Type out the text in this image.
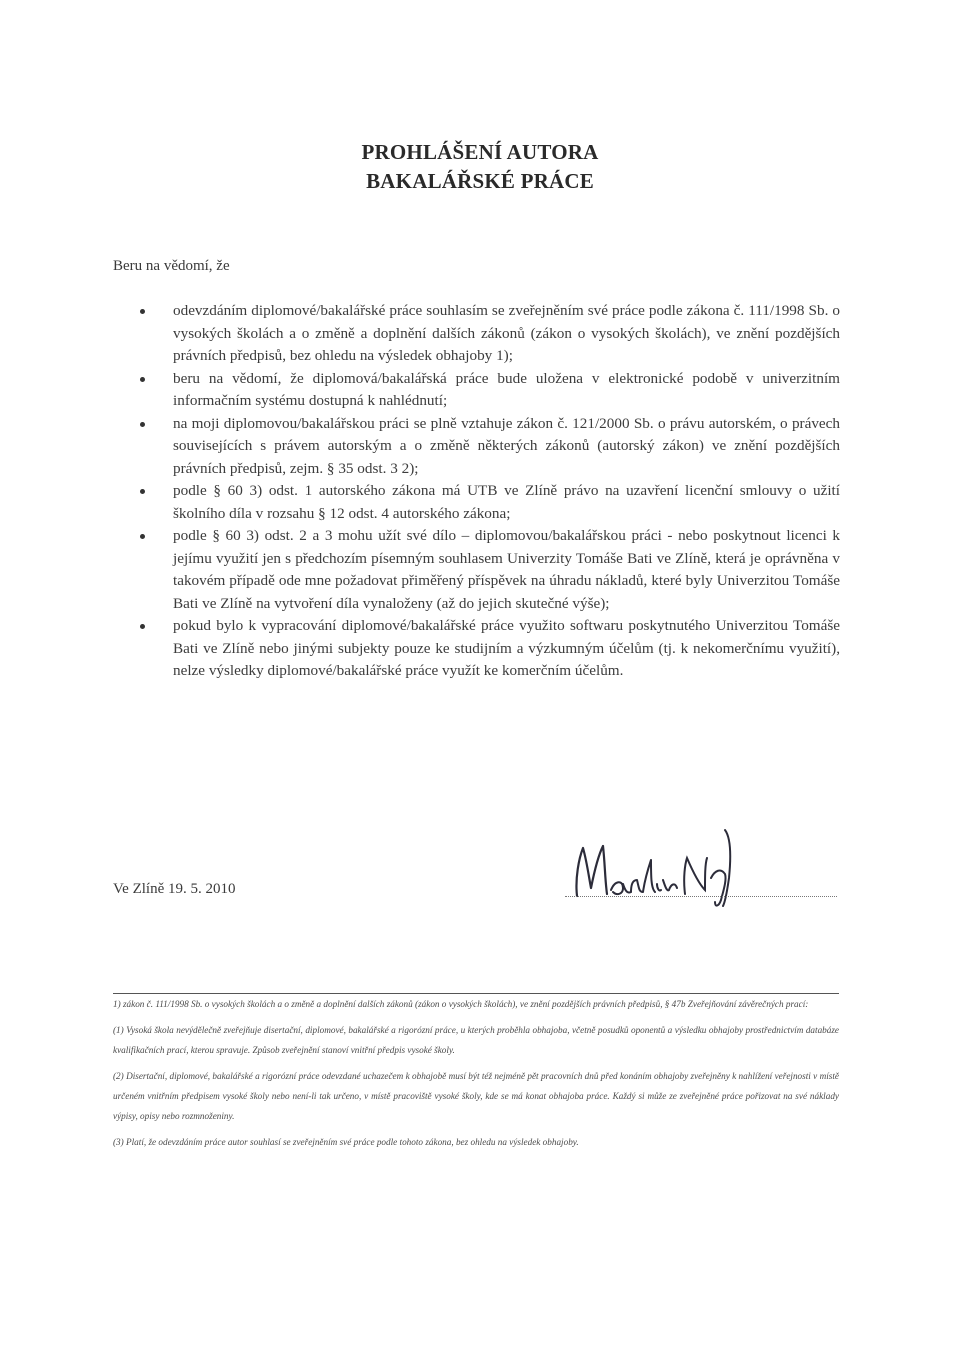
PROHLÁŠENÍ AUTORA
BAKALÁŘSKÉ PRÁCE
Beru na vědomí, že
odevzdáním diplomové/bakalářské práce souhlasím se zveřejněním své práce podle zákona č. 111/1998 Sb. o vysokých školách a o změně a doplnění dalších zákonů (zákon o vysokých školách), ve znění pozdějších právních předpisů, bez ohledu na výsledek obhajoby 1);
beru na vědomí, že diplomová/bakalářská práce bude uložena v elektronické podobě v univerzitním informačním systému dostupná k nahlédnutí;
na moji diplomovou/bakalářskou práci se plně vztahuje zákon č. 121/2000 Sb. o právu autorském, o právech souvisejících s právem autorským a o změně některých zákonů (autorský zákon) ve znění pozdějších právních předpisů, zejm. § 35 odst. 3 2);
podle § 60 3) odst. 1 autorského zákona má UTB ve Zlíně právo na uzavření licenční smlouvy o užití školního díla v rozsahu § 12 odst. 4 autorského zákona;
podle § 60 3) odst. 2 a 3 mohu užít své dílo – diplomovou/bakalářskou práci - nebo poskytnout licenci k jejímu využití jen s předchozím písemným souhlasem Univerzity Tomáše Bati ve Zlíně, která je oprávněna v takovém případě ode mne požadovat přiměřený příspěvek na úhradu nákladů, které byly Univerzitou Tomáše Bati ve Zlíně na vytvoření díla vynaloženy (až do jejich skutečné výše);
pokud bylo k vypracování diplomové/bakalářské práce využito softwaru poskytnutého Univerzitou Tomáše Bati ve Zlíně nebo jinými subjekty pouze ke studijním a výzkumným účelům (tj. k nekomerčnímu využití), nelze výsledky diplomové/bakalářské práce využít ke komerčním účelům.
Ve Zlíně 19. 5. 2010

1) zákon č. 111/1998 Sb. o vysokých školách a o změně a doplnění dalších zákonů (zákon o vysokých školách), ve znění pozdějších právních předpisů, § 47b Zveřejňování závěrečných prací:

(1) Vysoká škola nevýdělečně zveřejňuje disertační, diplomové, bakalářské a rigorózní práce, u kterých proběhla obhajoba, včetně posudků oponentů a výsledku obhajoby prostřednictvím databáze kvalifikačních prací, kterou spravuje. Způsob zveřejnění stanoví vnitřní předpis vysoké školy.

(2) Disertační, diplomové, bakalářské a rigorózní práce odevzdané uchazečem k obhajobě musí být též nejméně pět pracovních dnů před konáním obhajoby zveřejněny k nahlížení veřejnosti v místě určeném vnitřním předpisem vysoké školy nebo není-li tak určeno, v místě pracoviště vysoké školy, kde se má konat obhajoba práce. Každý si může ze zveřejněné práce pořizovat na své náklady výpisy, opisy nebo rozmnoženiny.

(3) Platí, že odevzdáním práce autor souhlasí se zveřejněním své práce podle tohoto zákona, bez ohledu na výsledek obhajoby.
